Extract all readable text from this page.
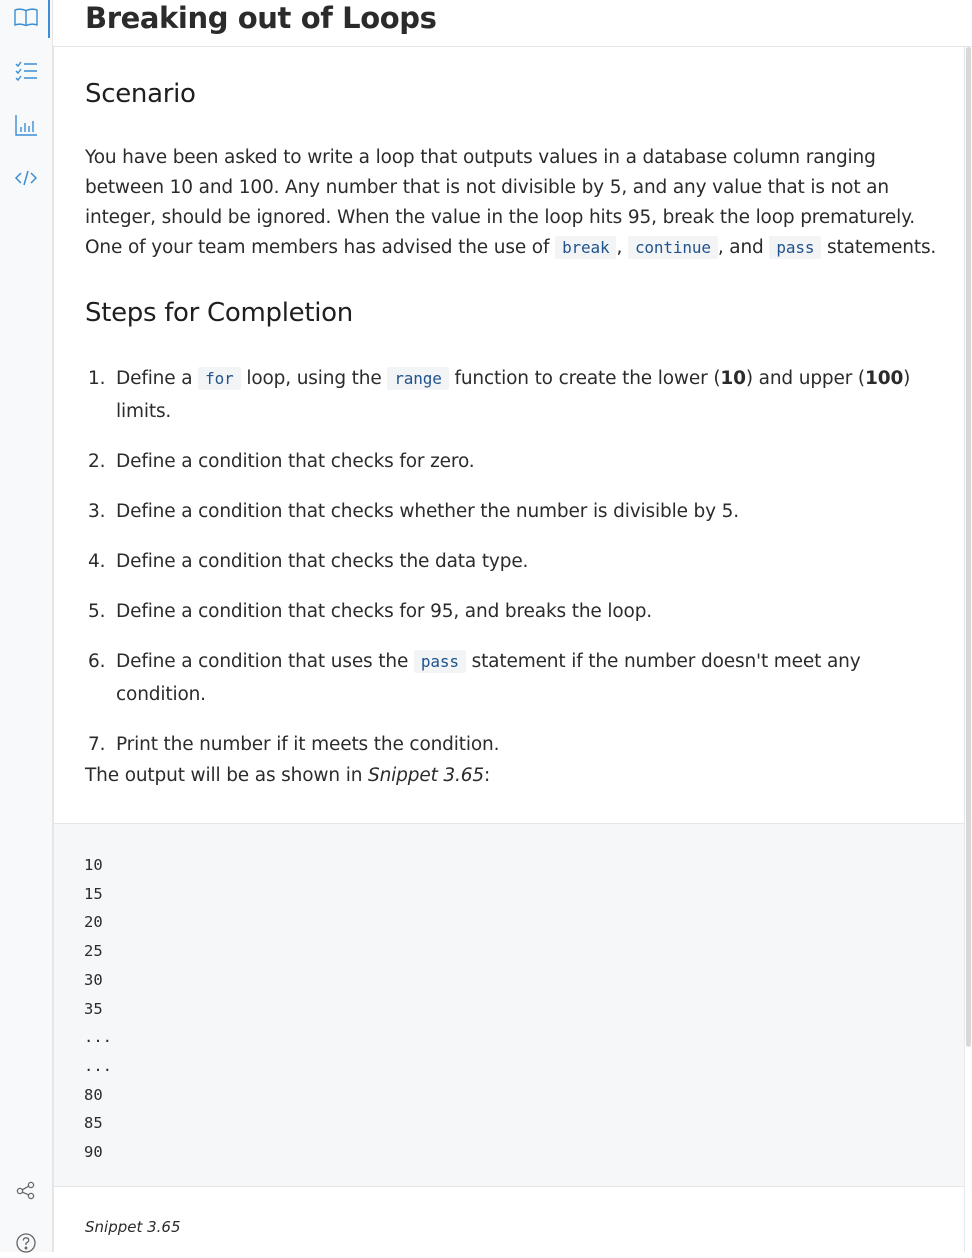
Breaking out of Loops
Scenario

You have been asked to write a loop that outputs values in a database column ranging between 10 and 100. Any number that is not divisible by 5, and any value that is not an integer, should be ignored. When the value in the loop hits 95, break the loop prematurely. One of your team members has advised the use of break , continue , and pass statements.

Steps for Completion
1. Define a for loop, using the range function to create the lower (10) and upper (100) limits.
2. Define a condition that checks for zero.
3. Define a condition that checks whether the number is divisible by 5.
4. Define a condition that checks the data type.
5. Define a condition that checks for 95, and breaks the loop.
6. Define a condition that uses the pass statement if the number doesn't meet any condition.
7. Print the number if it meets the condition.

The output will be as shown in Snippet 3.65:

10
15
20
25
30
35
...
...
80
85
90
Snippet 3.65
